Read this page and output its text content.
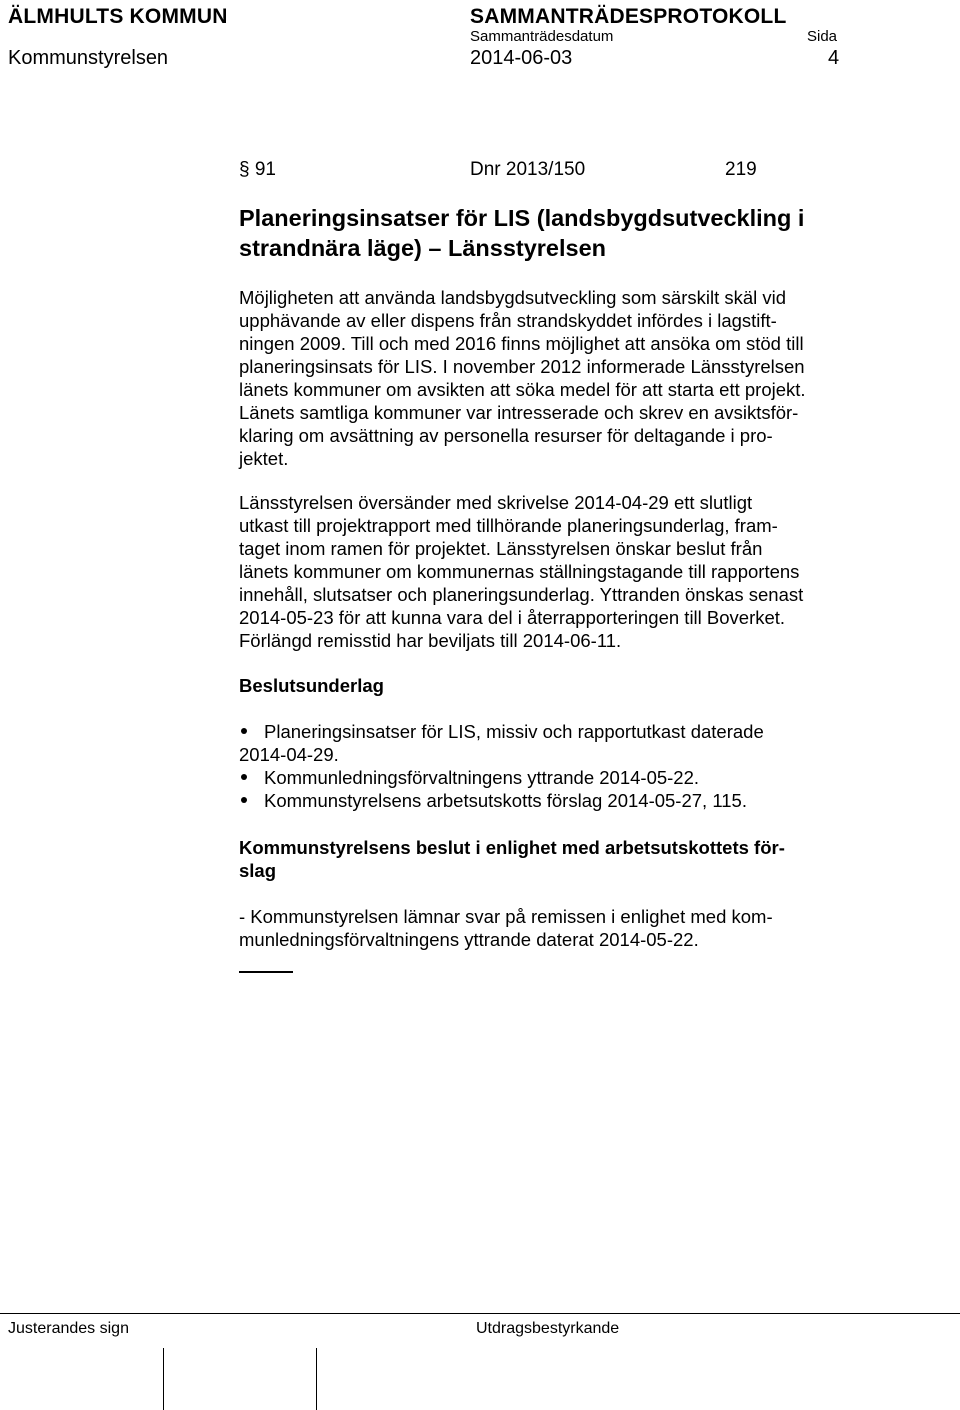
ÄLMHULTS KOMMUN	SAMMANTRÄDESPROTOKOLL
Sammanträdesdatum	Sida
Kommunstyrelsen	2014-06-03	4
§ 91	Dnr 2013/150	219
Planeringsinsatser för LIS (landsbygdsutveckling i
strandnära läge) – Länsstyrelsen
Möjligheten att använda landsbygdsutveckling som särskilt skäl vid
upphävande av eller dispens från strandskyddet infördes i lagstift-
ningen 2009. Till och med 2016 finns möjlighet att ansöka om stöd till
planeringsinsats för LIS. I november 2012 informerade Länsstyrelsen
länets kommuner om avsikten att söka medel för att starta ett projekt.
Länets samtliga kommuner var intresserade och skrev en avsiktsför-
klaring om avsättning av personella resurser för deltagande i pro-
jektet.
Länsstyrelsen översänder med skrivelse 2014-04-29 ett slutligt
utkast till projektrapport med tillhörande planeringsunderlag, fram-
taget inom ramen för projektet. Länsstyrelsen önskar beslut från
länets kommuner om kommunernas ställningstagande till rapportens
innehåll, slutsatser och planeringsunderlag. Yttranden önskas senast
2014-05-23 för att kunna vara del i återrapporteringen till Boverket.
Förlängd remisstid har beviljats till 2014-06-11.
Beslutsunderlag
Planeringsinsatser för LIS, missiv och rapportutkast daterade
2014-04-29.
Kommunledningsförvaltningens yttrande 2014-05-22.
Kommunstyrelsens arbetsutskotts förslag 2014-05-27, 115.
Kommunstyrelsens beslut i enlighet med arbetsutskottets för-
slag
- Kommunstyrelsen lämnar svar på remissen i enlighet med kom-
munledningsförvaltningens yttrande daterat 2014-05-22.
Justerandes sign	Utdragsbestyrkande
